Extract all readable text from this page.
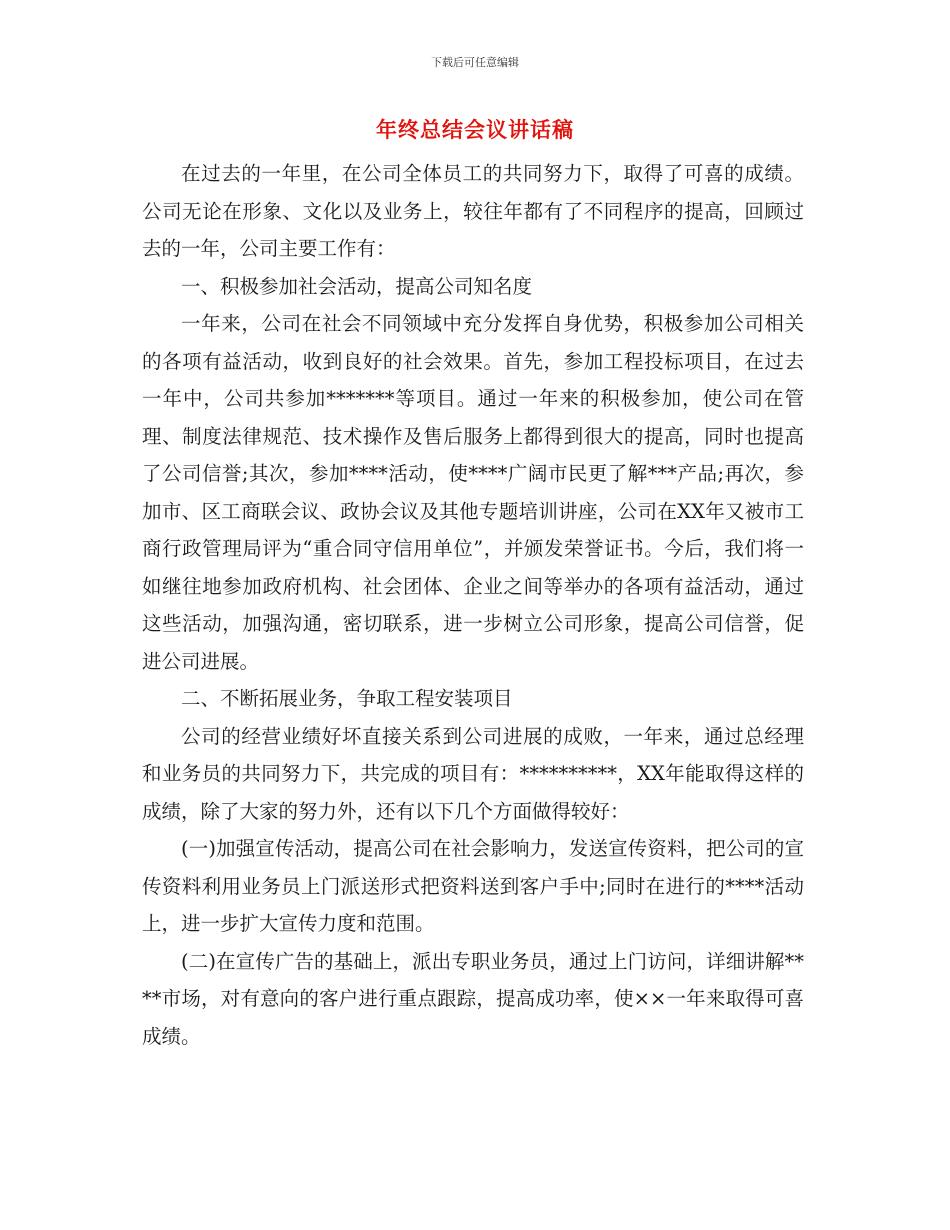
下载后可任意编辑
年终总结会议讲话稿

在过去的一年里，在公司全体员工的共同努力下，取得了可喜的成绩。公司无论在形象、文化以及业务上，较往年都有了不同程序的提高，回顾过去的一年，公司主要工作有：

一、积极参加社会活动，提高公司知名度

一年来，公司在社会不同领域中充分发挥自身优势，积极参加公司相关的各项有益活动，收到良好的社会效果。首先，参加工程投标项目，在过去一年中，公司共参加*******等项目。通过一年来的积极参加，使公司在管理、制度法律规范、技术操作及售后服务上都得到很大的提高，同时也提高了公司信誉;其次，参加****活动，使****广阔市民更了解***产品;再次，参加市、区工商联会议、政协会议及其他专题培训讲座，公司在XX年又被市工商行政管理局评为“重合同守信用单位”，并颁发荣誉证书。今后，我们将一如继往地参加政府机构、社会团体、企业之间等举办的各项有益活动，通过这些活动，加强沟通，密切联系，进一步树立公司形象，提高公司信誉，促进公司进展。

二、不断拓展业务，争取工程安装项目

公司的经营业绩好坏直接关系到公司进展的成败，一年来，通过总经理和业务员的共同努力下，共完成的项目有：**********，XX年能取得这样的成绩，除了大家的努力外，还有以下几个方面做得较好：

(一)加强宣传活动，提高公司在社会影响力，发送宣传资料，把公司的宣传资料利用业务员上门派送形式把资料送到客户手中;同时在进行的****活动上，进一步扩大宣传力度和范围。

(二)在宣传广告的基础上，派出专职业务员，通过上门访问，详细讲解****市场，对有意向的客户进行重点跟踪，提高成功率，使××一年来取得可喜成绩。
